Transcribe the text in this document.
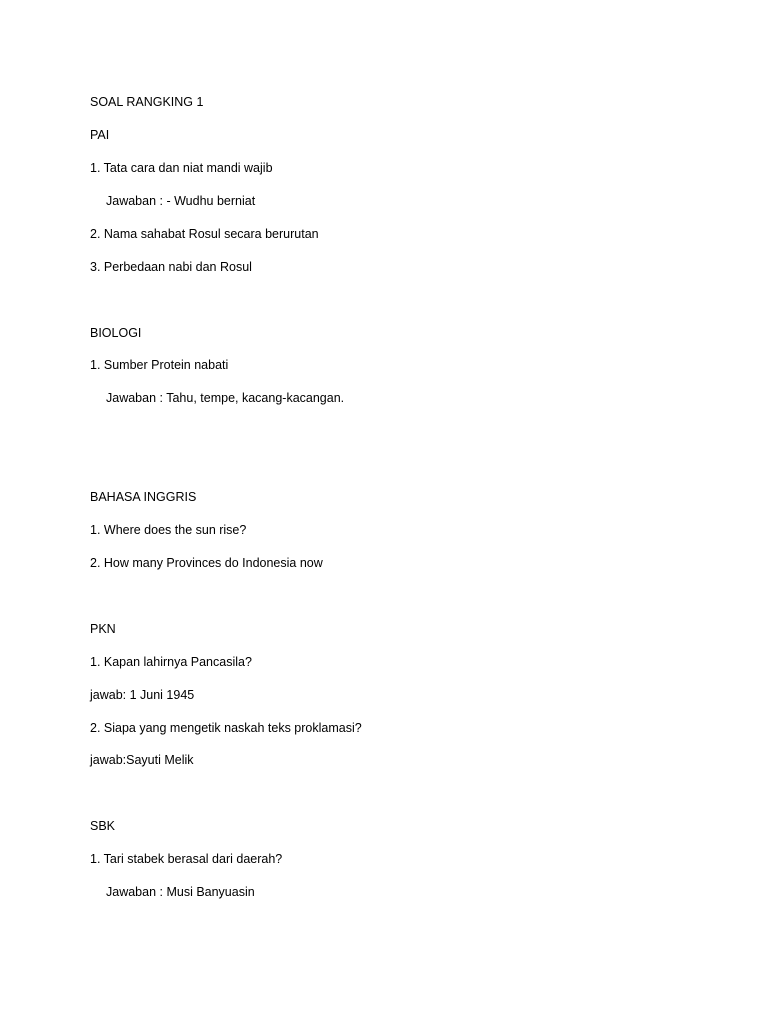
SOAL RANGKING 1
PAI
1. Tata cara dan niat mandi wajib
Jawaban : - Wudhu berniat
2. Nama sahabat Rosul secara berurutan
3. Perbedaan nabi dan Rosul
BIOLOGI
1. Sumber Protein nabati
Jawaban : Tahu, tempe, kacang-kacangan.
BAHASA INGGRIS
1. Where does the sun rise?
2. How many Provinces do Indonesia now
PKN
1. Kapan lahirnya Pancasila?
jawab: 1 Juni 1945
2. Siapa yang mengetik naskah teks proklamasi?
jawab:Sayuti Melik
SBK
1. Tari stabek berasal dari daerah?
Jawaban : Musi Banyuasin
